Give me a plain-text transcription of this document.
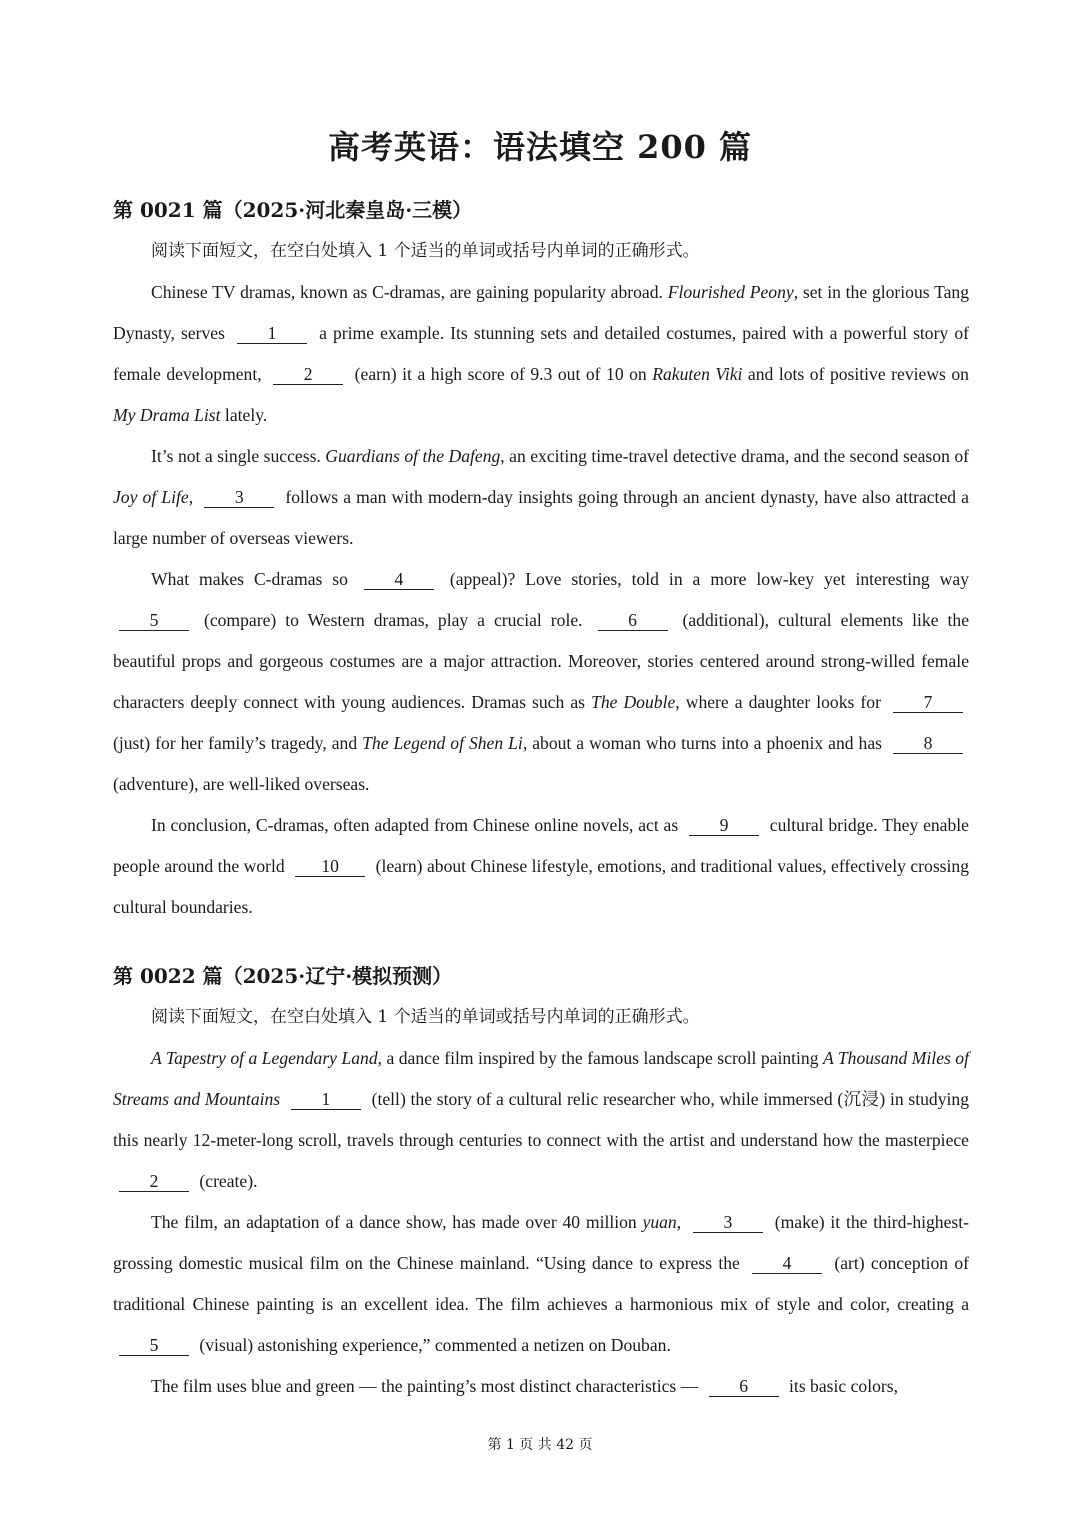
高考英语：语法填空 200 篇
第 0021 篇（2025·河北秦皇岛·三模）

阅读下面短文，在空白处填入 1 个适当的单词或括号内单词的正确形式。

Chinese TV dramas, known as C-dramas, are gaining popularity abroad. Flourished Peony, set in the glorious Tang Dynasty, serves 1 a prime example. Its stunning sets and detailed costumes, paired with a powerful story of female development, 2 (earn) it a high score of 9.3 out of 10 on Rakuten Viki and lots of positive reviews on My Drama List lately.

It’s not a single success. Guardians of the Dafeng, an exciting time-travel detective drama, and the second season of Joy of Life, 3 follows a man with modern-day insights going through an ancient dynasty, have also attracted a large number of overseas viewers.

What makes C-dramas so 4 (appeal)? Love stories, told in a more low-key yet interesting way 5 (compare) to Western dramas, play a crucial role. 6 (additional), cultural elements like the beautiful props and gorgeous costumes are a major attraction. Moreover, stories centered around strong-willed female characters deeply connect with young audiences. Dramas such as The Double, where a daughter looks for 7 (just) for her family’s tragedy, and The Legend of Shen Li, about a woman who turns into a phoenix and has 8 (adventure), are well-liked overseas.

In conclusion, C-dramas, often adapted from Chinese online novels, act as 9 cultural bridge. They enable people around the world 10 (learn) about Chinese lifestyle, emotions, and traditional values, effectively crossing cultural boundaries.

第 0022 篇（2025·辽宁·模拟预测）

阅读下面短文，在空白处填入 1 个适当的单词或括号内单词的正确形式。

A Tapestry of a Legendary Land, a dance film inspired by the famous landscape scroll painting A Thousand Miles of Streams and Mountains 1 (tell) the story of a cultural relic researcher who, while immersed (沉浸) in studying this nearly 12-meter-long scroll, travels through centuries to connect with the artist and understand how the masterpiece 2 (create).

The film, an adaptation of a dance show, has made over 40 million yuan, 3 (make) it the third-highest-grossing domestic musical film on the Chinese mainland. “Using dance to express the 4 (art) conception of traditional Chinese painting is an excellent idea. The film achieves a harmonious mix of style and color, creating a 5 (visual) astonishing experience,” commented a netizen on Douban.

The film uses blue and green — the painting’s most distinct characteristics — 6 its basic colors,

第 1 页 共 42 页
